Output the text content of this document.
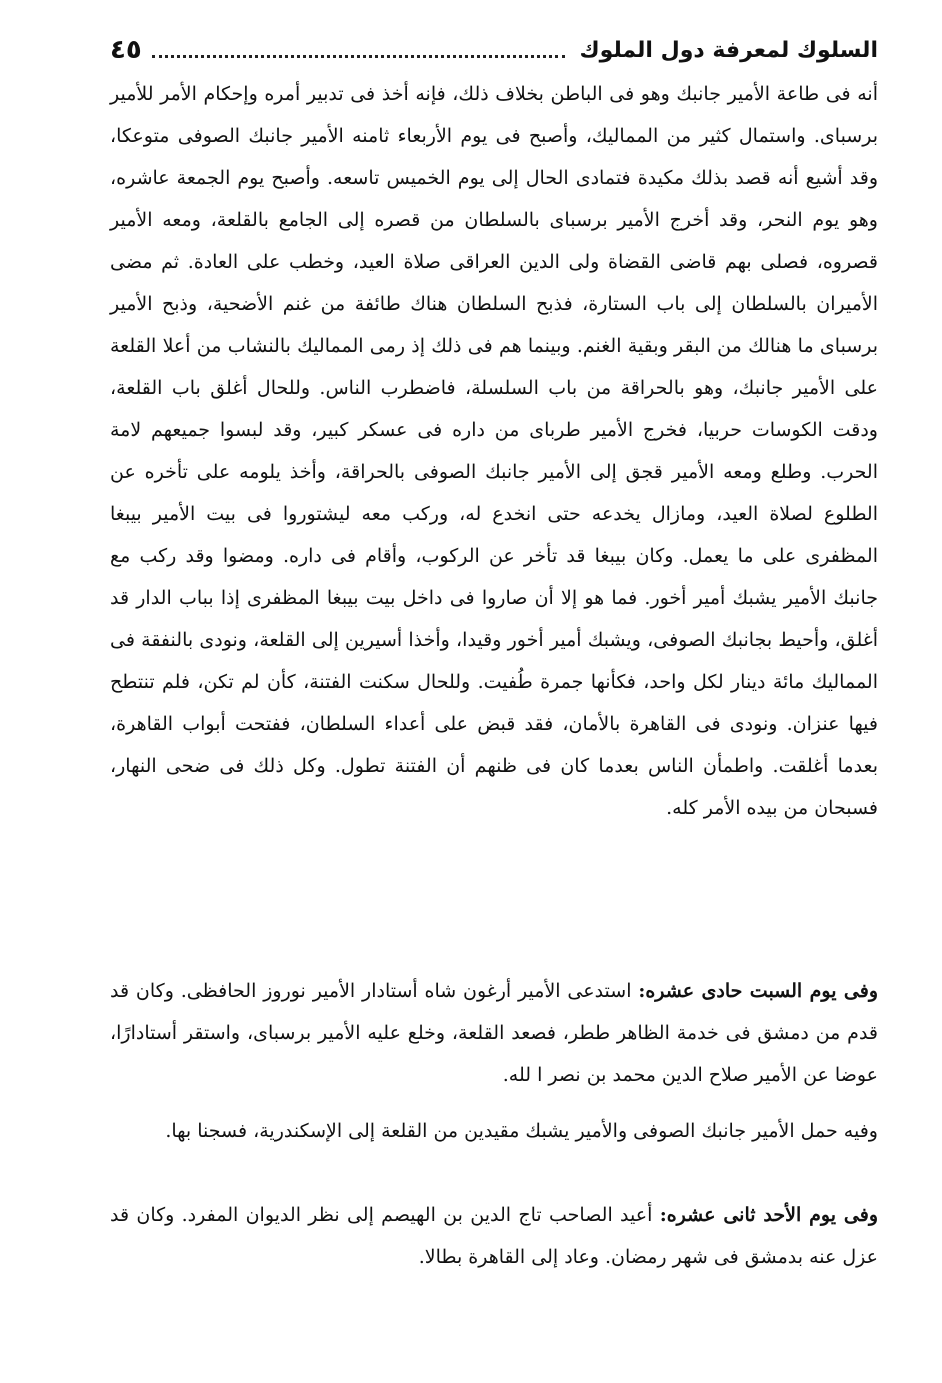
السلوك لمعرفة دول الملوك
٤٥

أنه فى طاعة الأمير جانبك وهو فى الباطن بخلاف ذلك، فإنه أخذ فى تدبير أمره وإحكام الأمر للأمير برسباى. واستمال كثير من المماليك، وأصبح فى يوم الأربعاء ثامنه الأمير جانبك الصوفى متوعكا، وقد أشيع أنه قصد بذلك مكيدة فتمادى الحال إلى يوم الخميس تاسعه. وأصبح يوم الجمعة عاشره، وهو يوم النحر، وقد أخرج الأمير برسباى بالسلطان من قصره إلى الجامع بالقلعة، ومعه الأمير قصروه، فصلى بهم قاضى القضاة ولى الدين العراقى صلاة العيد، وخطب على العادة. ثم مضى الأميران بالسلطان إلى باب الستارة، فذبح السلطان هناك طائفة من غنم الأضحية، وذبح الأمير برسباى ما هنالك من البقر وبقية الغنم. وبينما هم فى ذلك إذ رمى المماليك بالنشاب من أعلا القلعة على الأمير جانبك، وهو بالحراقة من باب السلسلة، فاضطرب الناس. وللحال أغلق باب القلعة، ودقت الكوسات حربيا، فخرج الأمير طرباى من داره فى عسكر كبير، وقد لبسوا جميعهم لامة الحرب. وطلع ومعه الأمير قجق إلى الأمير جانبك الصوفى بالحراقة، وأخذ يلومه على تأخره عن الطلوع لصلاة العيد، ومازال يخدعه حتى انخدع له، وركب معه ليشتوروا فى بيت الأمير بيبغا المظفرى على ما يعمل. وكان بيبغا قد تأخر عن الركوب، وأقام فى داره. ومضوا وقد ركب مع جانبك الأمير يشبك أمير أخور. فما هو إلا أن صاروا فى داخل بيت بيبغا المظفرى إذا بباب الدار قد أغلق، وأحيط بجانبك الصوفى، ويشبك أمير أخور وقيدا، وأخذا أسيرين إلى القلعة، ونودى بالنفقة فى المماليك مائة دينار لكل واحد، فكأنها جمرة طُفيت. وللحال سكنت الفتنة، كأن لم تكن، فلم تنتطح فيها عنزان. ونودى فى القاهرة بالأمان، فقد قبض على أعداء السلطان، ففتحت أبواب القاهرة، بعدما أغلقت. واطمأن الناس بعدما كان فى ظنهم أن الفتنة تطول. وكل ذلك فى ضحى النهار، فسبحان من بيده الأمر كله.

وفى يوم السبت حادى عشره: استدعى الأمير أرغون شاه أستادار الأمير نوروز الحافظى. وكان قد قدم من دمشق فى خدمة الظاهر ططر، فصعد القلعة، وخلع عليه الأمير برسباى، واستقر أستادارًا، عوضا عن الأمير صلاح الدين محمد بن نصر ا لله.

وفيه حمل الأمير جانبك الصوفى والأمير يشبك مقيدين من القلعة إلى الإسكندرية، فسجنا بها.

وفى يوم الأحد ثانى عشره: أعيد الصاحب تاج الدين بن الهيصم إلى نظر الديوان المفرد. وكان قد عزل عنه بدمشق فى شهر رمضان. وعاد إلى القاهرة بطالا.
